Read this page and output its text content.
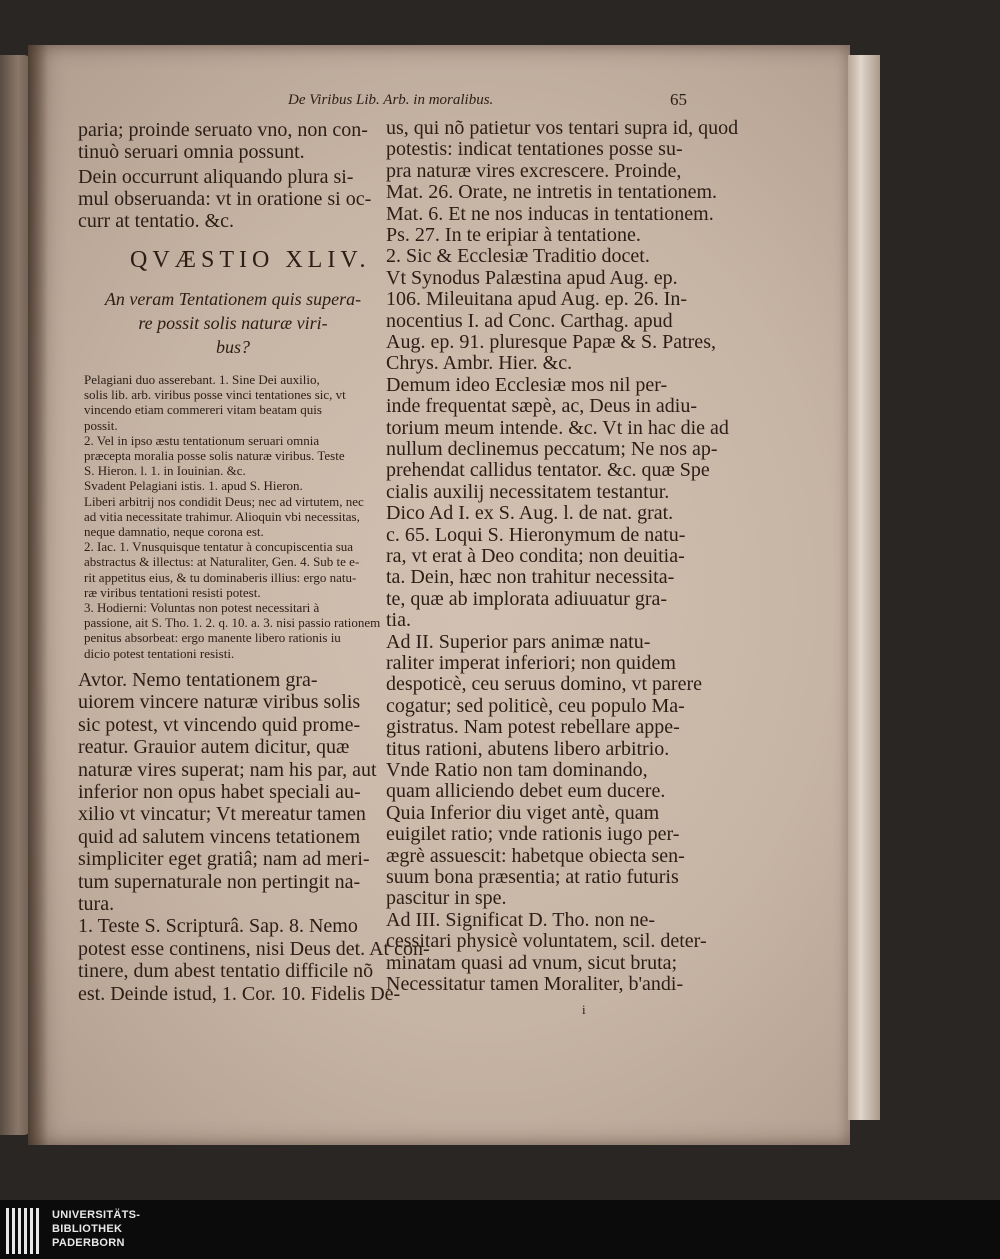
De Viribus Lib. Arb. in moralibus.	65

paria; proinde seruato vno, non con-

tinuò seruari omnia possunt.

Dein occurrunt aliquando plura si-

mul obseruanda: vt in oratione si oc-

curr at tentatio. &c.

QVÆSTIO XLIV.

An veram Tentationem quis supera-
re possit solis naturæ viri-
bus?

Pelagiani duo asserebant. 1. Sine Dei auxilio,

solis lib. arb. viribus posse vinci tentationes sic, vt

vincendo etiam commereri vitam beatam quis

possit.

2. Vel in ipso æstu tentationum seruari omnia

præcepta moralia posse solis naturæ viribus. Teste

S. Hieron. l. 1. in Iouinian. &c.

Svadent Pelagiani istis. 1. apud S. Hieron.

Liberi arbitrij nos condidit Deus; nec ad virtutem, nec

ad vitia necessitate trahimur. Alioquin vbi necessitas,

neque damnatio, neque corona est.

2. Iac. 1. Vnusquisque tentatur à concupiscentia sua

abstractus & illectus: at Naturaliter, Gen. 4. Sub te e-

rit appetitus eius, & tu dominaberis illius: ergo natu-

ræ viribus tentationi resisti potest.

3. Hodierni: Voluntas non potest necessitari à

passione, ait S. Tho. 1. 2. q. 10. a. 3. nisi passio rationem

penitus absorbeat: ergo manente libero rationis iu

dicio potest tentationi resisti.

Avtor. Nemo tentationem gra-

uiorem vincere naturæ viribus solis

sic potest, vt vincendo quid prome-

reatur. Grauior autem dicitur, quæ

naturæ vires superat; nam his par, aut

inferior non opus habet speciali au-

xilio vt vincatur; Vt mereatur tamen

quid ad salutem vincens tetationem

simpliciter eget gratiâ; nam ad meri-

tum supernaturale non pertingit na-

tura.

1. Teste S. Scripturâ. Sap. 8. Nemo

potest esse continens, nisi Deus det. At con-

tinere, dum abest tentatio difficile nõ

est. Deinde istud, 1. Cor. 10. Fidelis De-

us, qui nõ patietur vos tentari supra id, quod

potestis: indicat tentationes posse su-

pra naturæ vires excrescere. Proinde,

Mat. 26. Orate, ne intretis in tentationem.

Mat. 6. Et ne nos inducas in tentationem.

Ps. 27. In te eripiar à tentatione.

2. Sic & Ecclesiæ Traditio docet.

Vt Synodus Palæstina apud Aug. ep.

106. Mileuitana apud Aug. ep. 26. In-

nocentius I. ad Conc. Carthag. apud

Aug. ep. 91. pluresque Papæ & S. Patres,

Chrys. Ambr. Hier. &c.

Demum ideo Ecclesiæ mos nil per-

inde frequentat sæpè, ac, Deus in adiu-

torium meum intende. &c. Vt in hac die ad

nullum declinemus peccatum; Ne nos ap-

prehendat callidus tentator. &c. quæ Spe

cialis auxilij necessitatem testantur.

Dico Ad I. ex S. Aug. l. de nat. grat.

c. 65. Loqui S. Hieronymum de natu-

ra, vt erat à Deo condita; non deuitia-

ta. Dein, hæc non trahitur necessita-

te, quæ ab implorata adiuuatur gra-

tia.

Ad II. Superior pars animæ natu-

raliter imperat inferiori; non quidem

despoticè, ceu seruus domino, vt parere

cogatur; sed politicè, ceu populo Ma-

gistratus. Nam potest rebellare appe-

titus rationi, abutens libero arbitrio.

Vnde Ratio non tam dominando,

quam alliciendo debet eum ducere.

Quia Inferior diu viget antè, quam

euigilet ratio; vnde rationis iugo per-

ægrè assuescit: habetque obiecta sen-

suum bona præsentia; at ratio futuris

pascitur in spe.

Ad III. Significat D. Tho. non ne-

cessitari physicè voluntatem, scil. deter-

minatam quasi ad vnum, sicut bruta;

Necessitatur tamen Moraliter, b'andi-

i

UNIVERSITÄTS-
BIBLIOTHEK
PADERBORN
